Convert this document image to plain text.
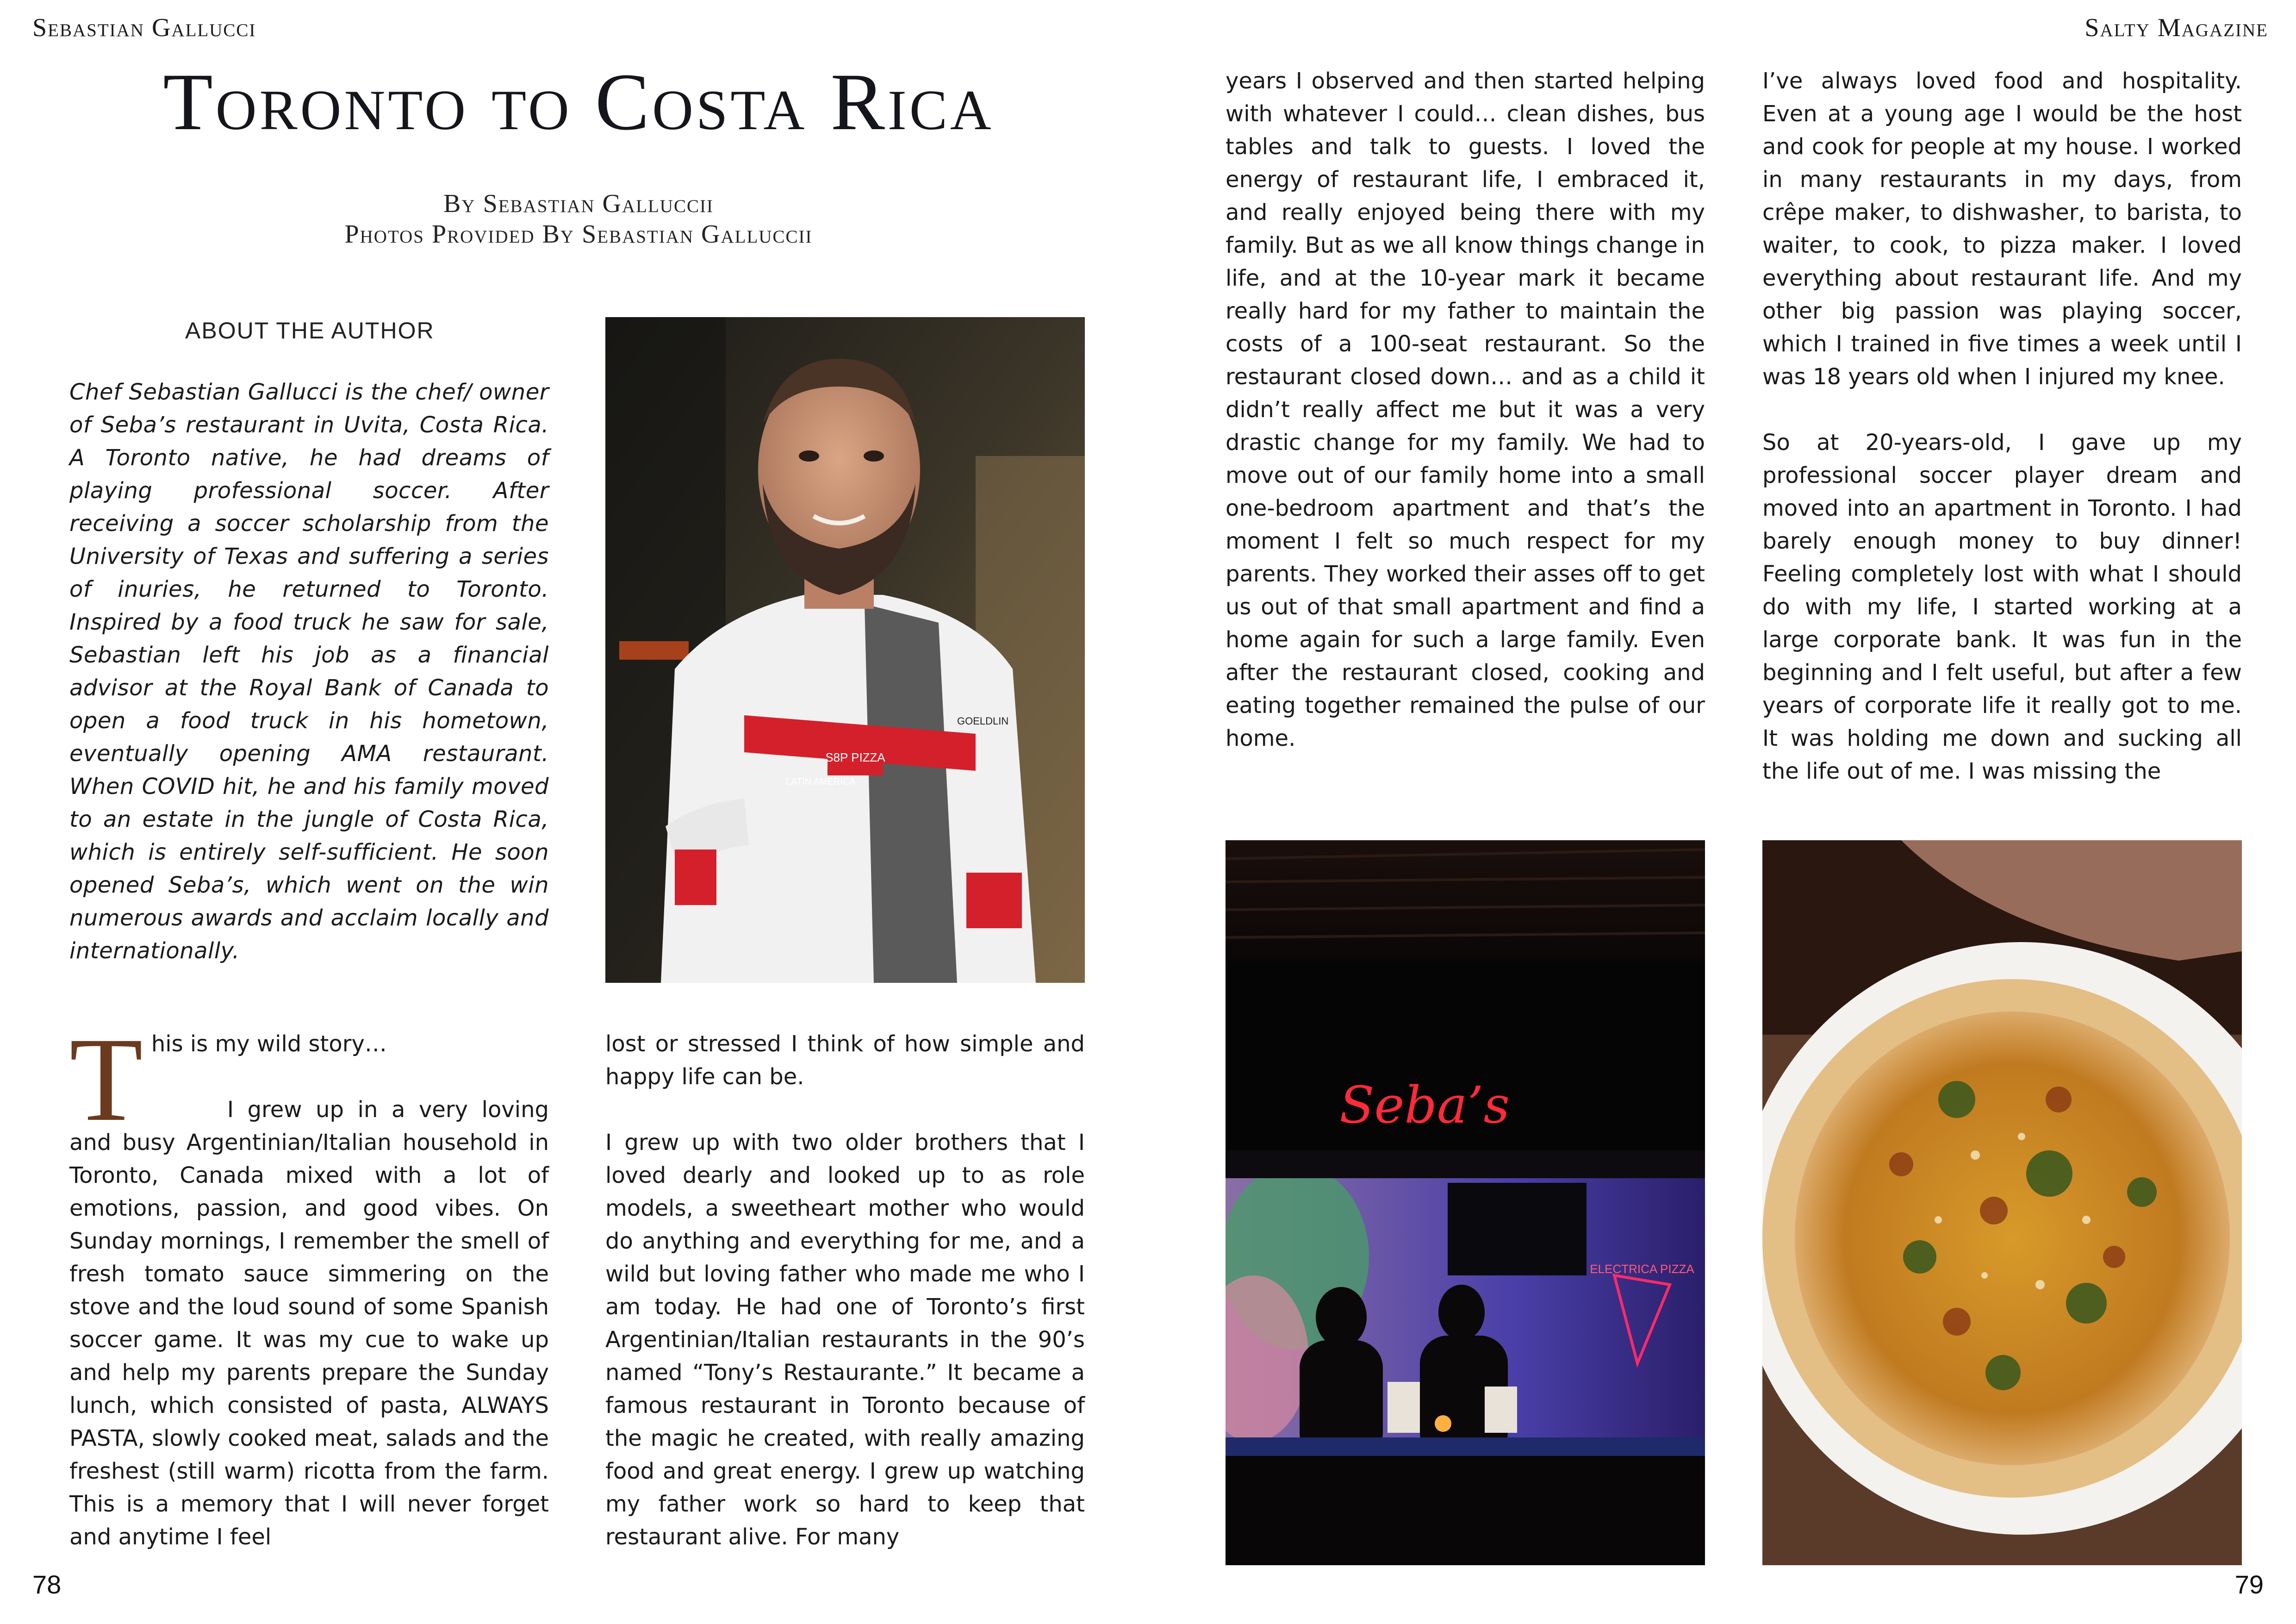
Sebastian Gallucci	Salty Magazine
Toronto to Costa Rica
By Sebastian Galluccii
Photos Provided By Sebastian Galluccii
ABOUT THE AUTHOR

Chef Sebastian Gallucci is the chef/ owner of Seba’s restaurant in Uvita, Costa Rica. A Toronto native, he had dreams of playing professional soccer. After receiving a soccer scholarship from the University of Texas and suffering a series of inuries, he returned to Toronto. Inspired by a food truck he saw for sale, Sebastian left his job as a financial advisor at the Royal Bank of Canada to open a food truck in his hometown, eventually opening AMA restaurant. When COVID hit, he and his family moved to an estate in the jungle of Costa Rica, which is entirely self-sufficient. He soon opened Seba’s, which went on the win numerous awards and acclaim locally and internationally.

S8P PIZZA
GOELDLIN
LATIN AMERICA
T his is my wild story…

I grew up in a very loving and busy Argentinian/Italian household in Toronto, Canada mixed with a lot of emotions, passion, and good vibes. On Sunday mornings, I remember the smell of fresh tomato sauce simmering on the stove and the loud sound of some Spanish soccer game. It was my cue to wake up and help my parents prepare the Sunday lunch, which consisted of pasta, ALWAYS PASTA, slowly cooked meat, salads and the freshest (still warm) ricotta from the farm. This is a memory that I will never forget and anytime I feel

lost or stressed I think of how simple and happy life can be.

I grew up with two older brothers that I loved dearly and looked up to as role models, a sweetheart mother who would do anything and everything for me, and a wild but loving father who made me who I am today. He had one of Toronto’s first Argentinian/Italian restaurants in the 90’s named “Tony’s Restaurante.” It became a famous restaurant in Toronto because of the magic he created, with really amazing food and great energy. I grew up watching my father work so hard to keep that restaurant alive. For many

years I observed and then started helping with whatever I could… clean dishes, bus tables and talk to guests. I loved the energy of restaurant life, I embraced it, and really enjoyed being there with my family. But as we all know things change in life, and at the 10-year mark it became really hard for my father to maintain the costs of a 100-seat restaurant. So the restaurant closed down… and as a child it didn’t really affect me but it was a very drastic change for my family. We had to move out of our family home into a small one-bedroom apartment and that’s the moment I felt so much respect for my parents. They worked their asses off to get us out of that small apartment and find a home again for such a large family. Even after the restaurant closed, cooking and eating together remained the pulse of our home.

I’ve always loved food and hospitality. Even at a young age I would be the host and cook for people at my house. I worked in many restaurants in my days, from crêpe maker, to dishwasher, to barista, to waiter, to cook, to pizza maker. I loved everything about restaurant life. And my other big passion was playing soccer, which I trained in five times a week until I was 18 years old when I injured my knee.

So at 20-years-old, I gave up my professional soccer player dream and moved into an apartment in Toronto. I had barely enough money to buy dinner! Feeling completely lost with what I should do with my life, I started working at a large corporate bank. It was fun in the beginning and I felt useful, but after a few years of corporate life it really got to me. It was holding me down and sucking all the life out of me. I was missing the

Seba’s
ELECTRICA PIZZA
78	79
